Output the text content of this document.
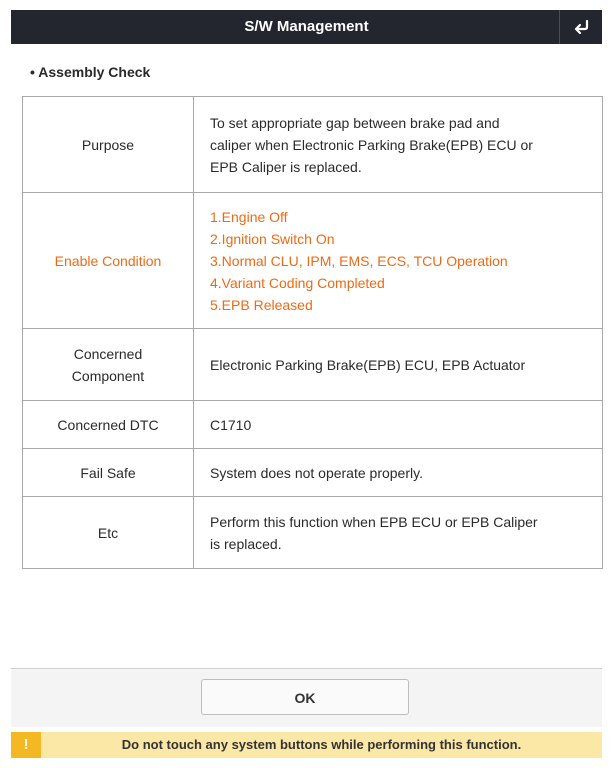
S/W Management
• Assembly Check
Purpose	To set appropriate gap between brake pad and
caliper when Electronic Parking Brake(EPB) ECU or
EPB Caliper is replaced.

Enable Condition	1.Engine Off
2.Ignition Switch On
3.Normal CLU, IPM, EMS, ECS, TCU Operation
4.Variant Coding Completed
5.EPB Released

Concerned
Component	Electronic Parking Brake(EPB) ECU, EPB Actuator

Concerned DTC	C1710

Fail Safe	System does not operate properly.

Etc	Perform this function when EPB ECU or EPB Caliper
is replaced.
OK
!	Do not touch any system buttons while performing this function.
